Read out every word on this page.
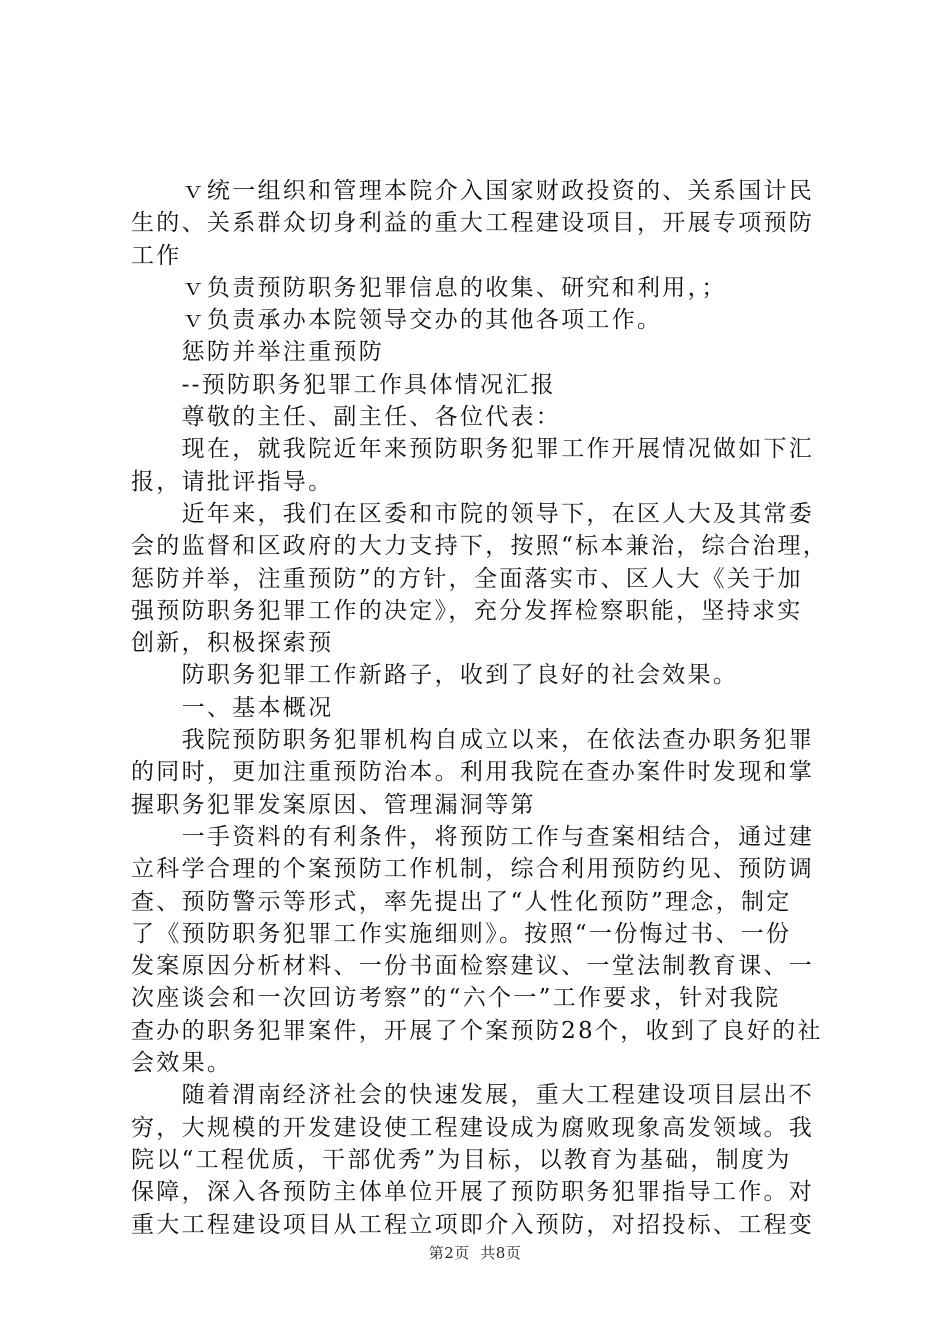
　　ｖ统一组织和管理本院介入国家财政投资的、关系国计民
生的、关系群众切身利益的重大工程建设项目，开展专项预防
工作
　　ｖ负责预防职务犯罪信息的收集、研究和利用，；
　　ｖ负责承办本院领导交办的其他各项工作。
　　惩防并举注重预防
　　--预防职务犯罪工作具体情况汇报
　　尊敬的主任、副主任、各位代表：
　　现在，就我院近年来预防职务犯罪工作开展情况做如下汇
报，请批评指导。
　　近年来，我们在区委和市院的领导下，在区人大及其常委
会的监督和区政府的大力支持下，按照“标本兼治，综合治理，
惩防并举，注重预防”的方针，全面落实市、区人大《关于加
强预防职务犯罪工作的决定》，充分发挥检察职能，坚持求实
创新，积极探索预
　　防职务犯罪工作新路子，收到了良好的社会效果。
　　一、基本概况
　　我院预防职务犯罪机构自成立以来，在依法查办职务犯罪
的同时，更加注重预防治本。利用我院在查办案件时发现和掌
握职务犯罪发案原因、管理漏洞等第
　　一手资料的有利条件，将预防工作与查案相结合，通过建
立科学合理的个案预防工作机制，综合利用预防约见、预防调
查、预防警示等形式，率先提出了“人性化预防”理念，制定
了《预防职务犯罪工作实施细则》。按照“一份悔过书、一份
发案原因分析材料、一份书面检察建议、一堂法制教育课、一
次座谈会和一次回访考察”的“六个一”工作要求，针对我院
查办的职务犯罪案件，开展了个案预防28个，收到了良好的社
会效果。
　　随着渭南经济社会的快速发展，重大工程建设项目层出不
穷，大规模的开发建设使工程建设成为腐败现象高发领域。我
院以“工程优质，干部优秀”为目标，以教育为基础，制度为
保障，深入各预防主体单位开展了预防职务犯罪指导工作。对
重大工程建设项目从工程立项即介入预防，对招投标、工程变
第2页  共8页
